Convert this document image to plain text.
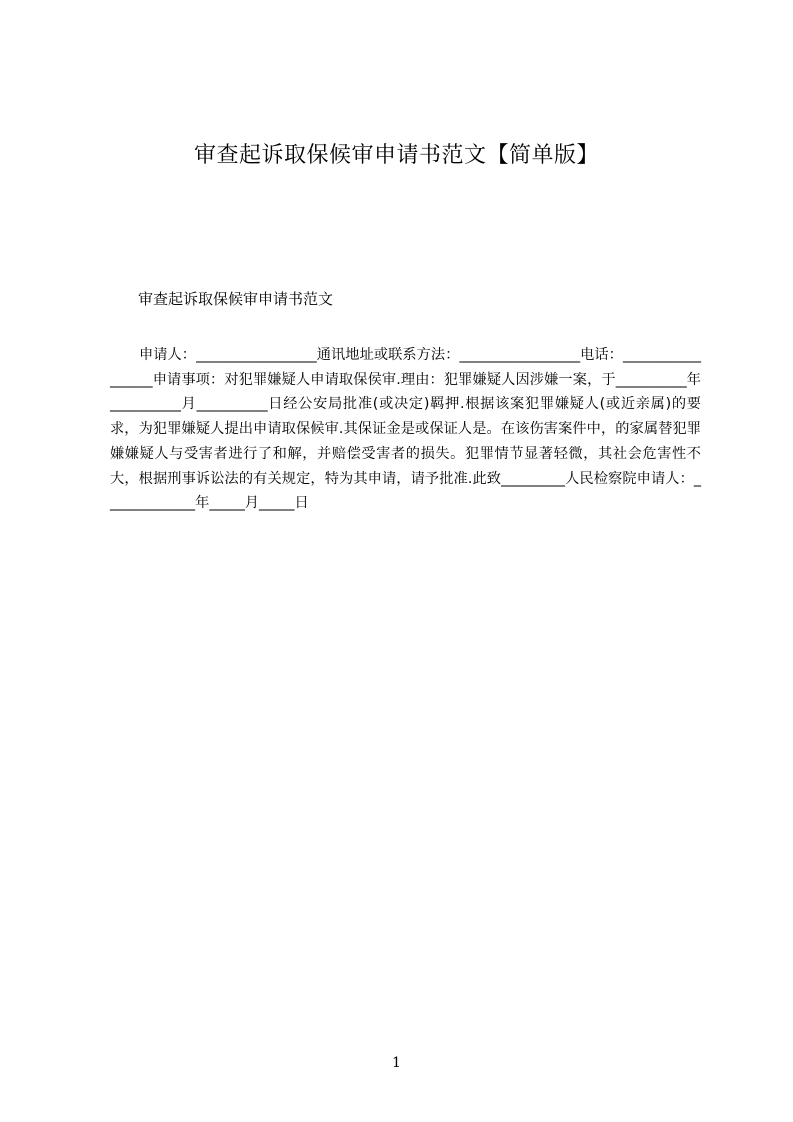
审查起诉取保候审申请书范文【简单版】
审查起诉取保候审申请书范文
申请人：_________________通讯地址或联系方法：_________________电话：_________________申请事项：对犯罪嫌疑人申请取保侯审.理由：犯罪嫌疑人因涉嫌一案，于__________年__________月__________日经公安局批准(或决定)羁押.根据该案犯罪嫌疑人(或近亲属)的要求，为犯罪嫌疑人提出申请取保候审.其保证金是或保证人是。在该伤害案件中，的家属替犯罪嫌嫌疑人与受害者进行了和解，并赔偿受害者的损失。犯罪情节显著轻微，其社会危害性不大，根据刑事诉讼法的有关规定，特为其申请，请予批准.此致_________人民检察院申请人：_____________年_____月_____日
1
